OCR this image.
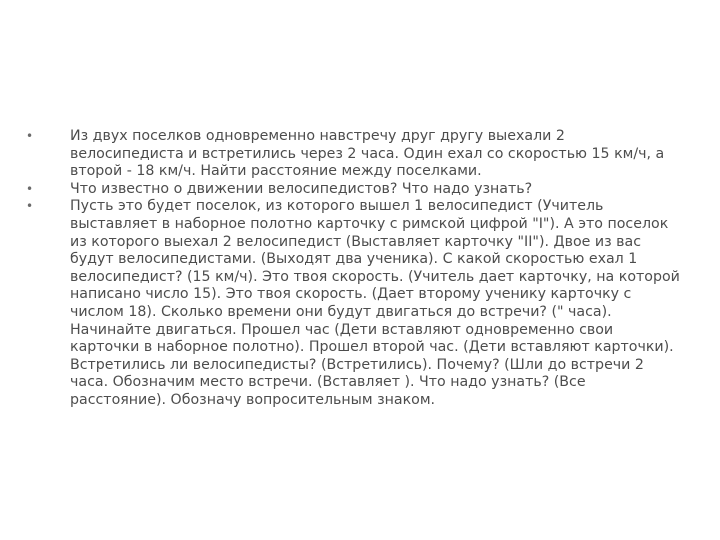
•	Из двух поселков одновременно навстречу друг другу выехали 2 велосипедиста и встретились через 2 часа. Один ехал со скоростью 15 км/ч, а второй - 18 км/ч. Найти расстояние между поселками.
•	Что известно о движении велосипедистов? Что надо узнать?
•	Пусть это будет поселок, из которого вышел 1 велосипедист (Учитель выставляет в наборное полотно карточку с римской цифрой "I"). А это поселок из которого выехал 2 велосипедист (Выставляет карточку "II"). Двое из вас будут велосипедистами. (Выходят два ученика). С какой скоростью ехал 1 велосипедист? (15 км/ч). Это твоя скорость. (Учитель дает карточку, на которой написано число 15). Это твоя скорость. (Дает второму ученику карточку с числом 18). Сколько времени они будут двигаться до встречи? (" часа). Начинайте двигаться. Прошел час (Дети вставляют одновременно свои карточки в наборное полотно). Прошел второй час. (Дети вставляют карточки). Встретились ли велосипедисты? (Встретились). Почему? (Шли до встречи 2 часа. Обозначим место встречи. (Вставляет ). Что надо узнать? (Все расстояние). Обозначу вопросительным знаком.
